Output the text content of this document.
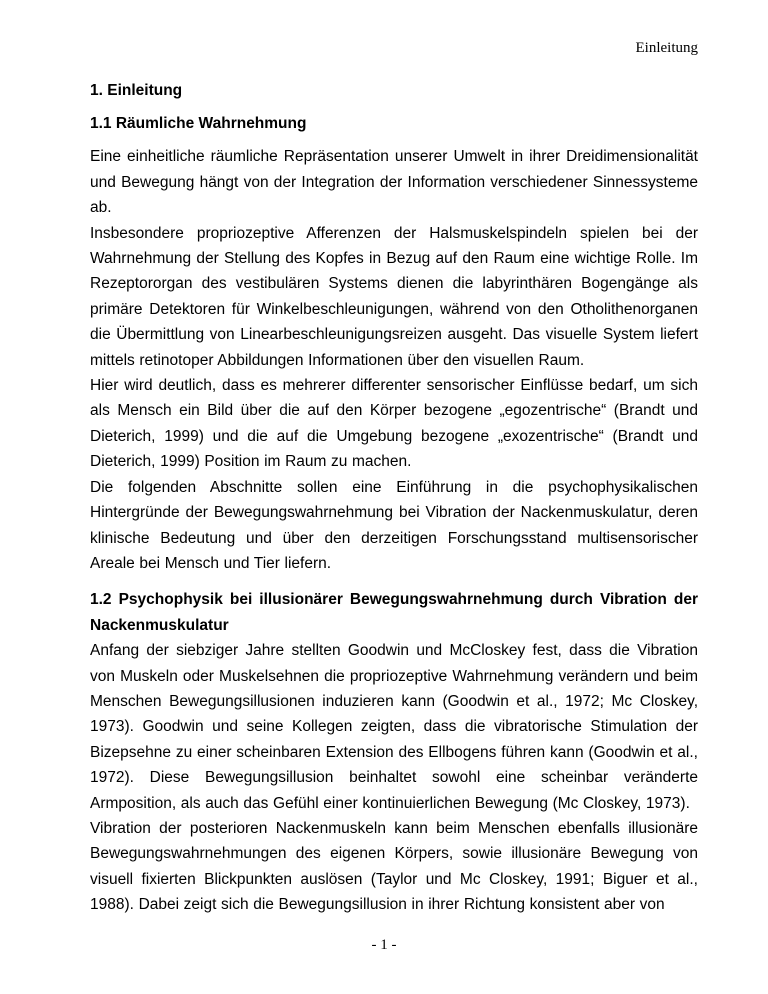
Einleitung
1. Einleitung
1.1 Räumliche Wahrnehmung

Eine einheitliche räumliche Repräsentation unserer Umwelt in ihrer Dreidimensionalität und Bewegung hängt von der Integration der Information verschiedener Sinnessysteme ab.

Insbesondere propriozeptive Afferenzen der Halsmuskelspindeln spielen bei der Wahrnehmung der Stellung des Kopfes in Bezug auf den Raum eine wichtige Rolle. Im Rezeptororgan des vestibulären Systems dienen die labyrinthären Bogengänge als primäre Detektoren für Winkelbeschleunigungen, während von den Otholithenorganen die Übermittlung von Linearbeschleunigungsreizen ausgeht. Das visuelle System liefert mittels retinotoper Abbildungen Informationen über den visuellen Raum.

Hier wird deutlich, dass es mehrerer differenter sensorischer Einflüsse bedarf, um sich als Mensch ein Bild über die auf den Körper bezogene „egozentrische“ (Brandt und Dieterich, 1999) und die auf die Umgebung bezogene „exozentrische“ (Brandt und Dieterich, 1999) Position im Raum zu machen.

Die folgenden Abschnitte sollen eine Einführung in die psychophysikalischen Hintergründe der Bewegungswahrnehmung bei Vibration der Nackenmuskulatur, deren klinische Bedeutung und über den derzeitigen Forschungsstand multisensorischer Areale bei Mensch und Tier liefern.

1.2 Psychophysik bei illusionärer Bewegungswahrnehmung durch Vibration der Nackenmuskulatur

Anfang der siebziger Jahre stellten Goodwin und McCloskey fest, dass die Vibration von Muskeln oder Muskelsehnen die propriozeptive Wahrnehmung verändern und beim Menschen Bewegungsillusionen induzieren kann (Goodwin et al., 1972; Mc Closkey, 1973). Goodwin und seine Kollegen zeigten, dass die vibratorische Stimulation der Bizepsehne zu einer scheinbaren Extension des Ellbogens führen kann (Goodwin et al., 1972). Diese Bewegungsillusion beinhaltet sowohl eine scheinbar veränderte Armposition, als auch das Gefühl einer kontinuierlichen Bewegung (Mc Closkey, 1973).

Vibration der posterioren Nackenmuskeln kann beim Menschen ebenfalls illusionäre Bewegungswahrnehmungen des eigenen Körpers, sowie illusionäre Bewegung von visuell fixierten Blickpunkten auslösen (Taylor und Mc Closkey, 1991; Biguer et al., 1988). Dabei zeigt sich die Bewegungsillusion in ihrer Richtung konsistent aber von

- 1 -
